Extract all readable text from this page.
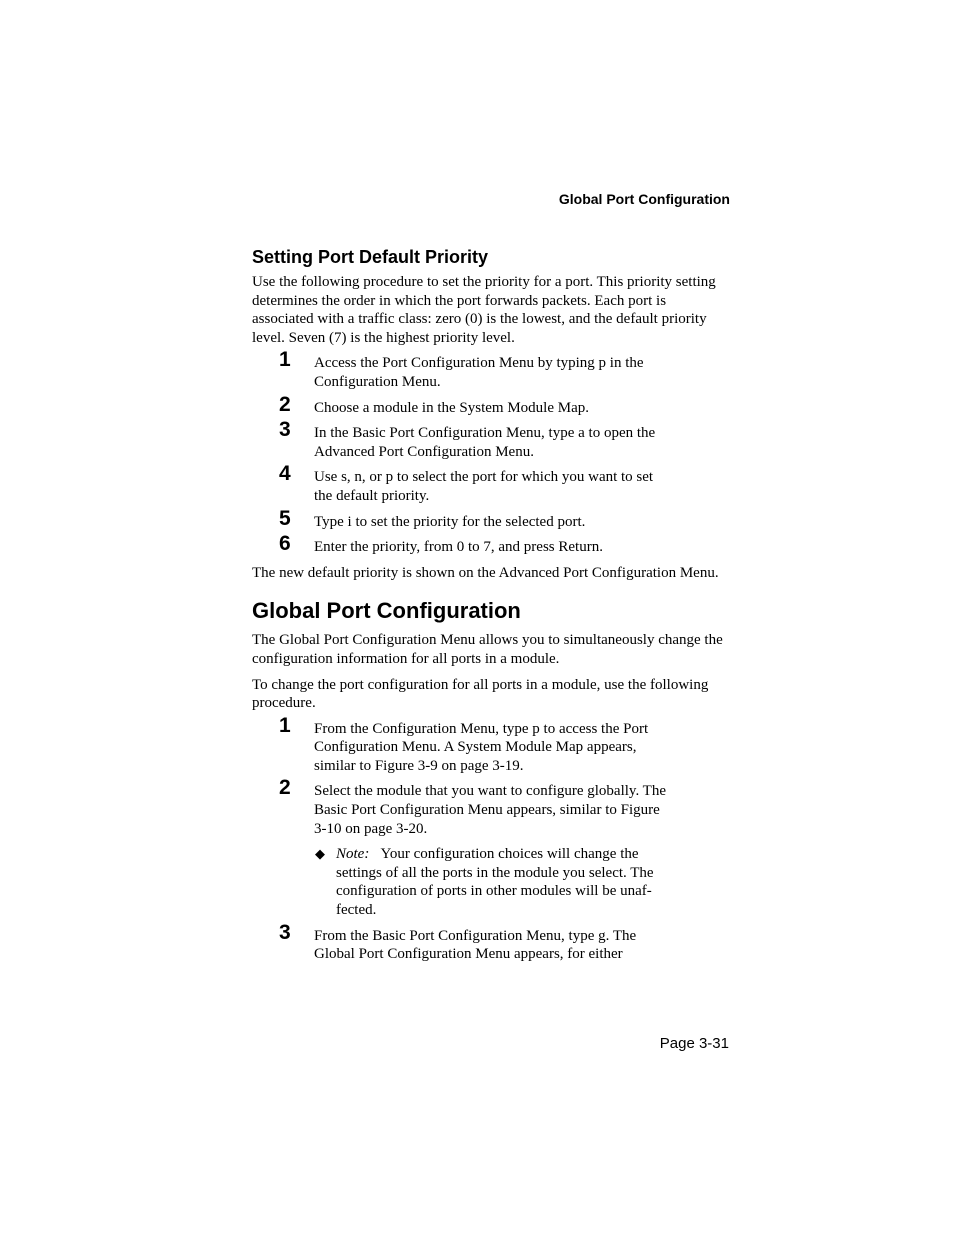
Global Port Configuration
Setting Port Default Priority

Use the following procedure to set the priority for a port. This priority setting determines the order in which the port forwards packets. Each port is associated with a traffic class: zero (0) is the lowest, and the default priority level. Seven (7) is the highest priority level.

1 Access the Port Configuration Menu by typing p in the Configuration Menu.
2 Choose a module in the System Module Map.
3 In the Basic Port Configuration Menu, type a to open the Advanced Port Configuration Menu.
4 Use s, n, or p to select the port for which you want to set the default priority.
5 Type i to set the priority for the selected port.
6 Enter the priority, from 0 to 7, and press Return.

The new default priority is shown on the Advanced Port Configuration Menu.

Global Port Configuration

The Global Port Configuration Menu allows you to simultaneously change the configuration information for all ports in a module.

To change the port configuration for all ports in a module, use the following procedure.

1 From the Configuration Menu, type p to access the Port Configuration Menu. A System Module Map appears, similar to Figure 3-9 on page 3-19.
2 Select the module that you want to configure globally. The Basic Port Configuration Menu appears, similar to Figure 3-10 on page 3-20.
◆ Note: Your configuration choices will change the settings of all the ports in the module you select. The configuration of ports in other modules will be unaf-fected.
3 From the Basic Port Configuration Menu, type g. The Global Port Configuration Menu appears, for either
Page 3-31
